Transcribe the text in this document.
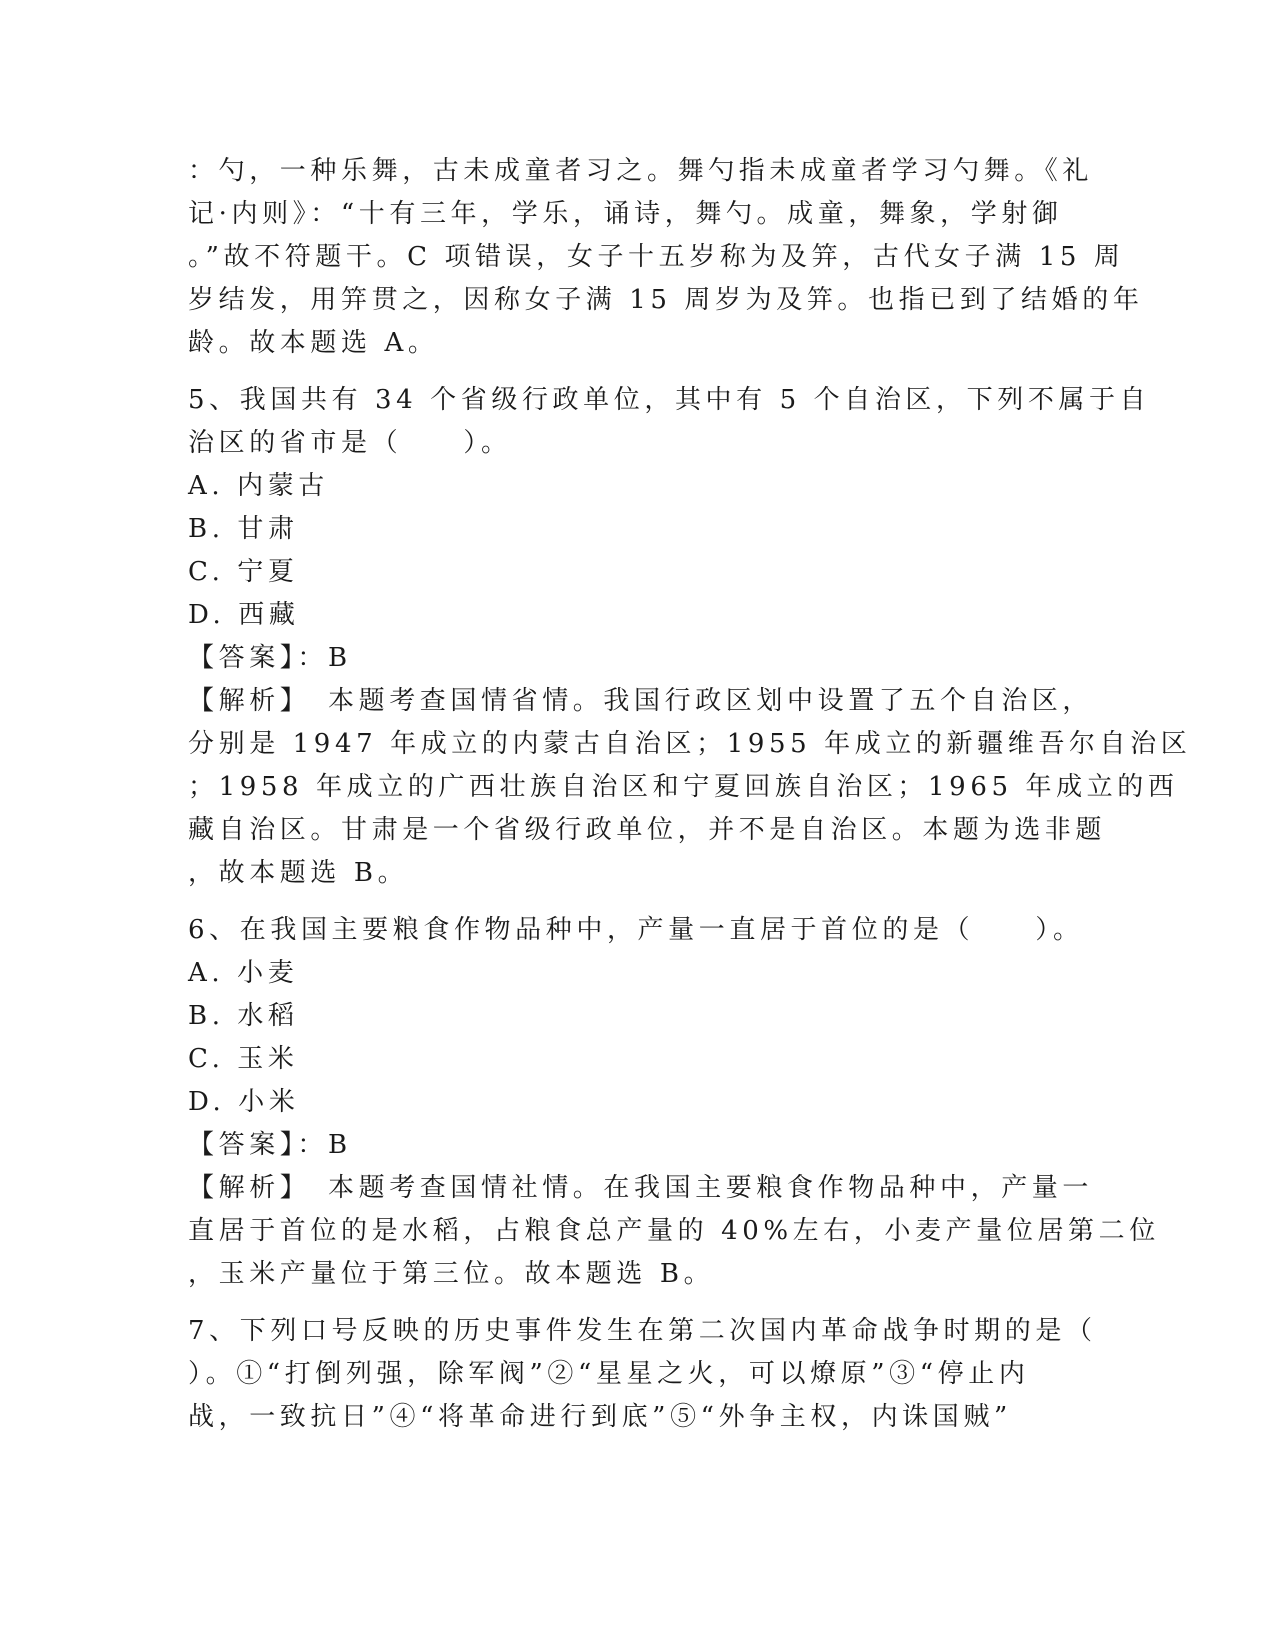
：勺，一种乐舞，古未成童者习之。舞勺指未成童者学习勺舞。《礼
记·内则》：“十有三年，学乐，诵诗，舞勺。成童，舞象，学射御
。”故不符题干。C 项错误，女子十五岁称为及笄，古代女子满 15 周
岁结发，用笄贯之，因称女子满 15 周岁为及笄。也指已到了结婚的年
龄。故本题选 A。
5、我国共有 34 个省级行政单位，其中有 5 个自治区，下列不属于自
治区的省市是（　　）。
A. 内蒙古
B. 甘肃
C. 宁夏
D. 西藏
【答案】：B
【解析】　本题考查国情省情。我国行政区划中设置了五个自治区，
分别是 1947 年成立的内蒙古自治区；1955 年成立的新疆维吾尔自治区
；1958 年成立的广西壮族自治区和宁夏回族自治区；1965 年成立的西
藏自治区。甘肃是一个省级行政单位，并不是自治区。本题为选非题
，故本题选 B。
6、在我国主要粮食作物品种中，产量一直居于首位的是（　　）。
A. 小麦
B. 水稻
C. 玉米
D. 小米
【答案】：B
【解析】　本题考查国情社情。在我国主要粮食作物品种中，产量一
直居于首位的是水稻，占粮食总产量的 40%左右，小麦产量位居第二位
，玉米产量位于第三位。故本题选 B。
7、下列口号反映的历史事件发生在第二次国内革命战争时期的是（
）。①“打倒列强，除军阀”②“星星之火，可以燎原”③“停止内
战，一致抗日”④“将革命进行到底”⑤“外争主权，内诛国贼”
